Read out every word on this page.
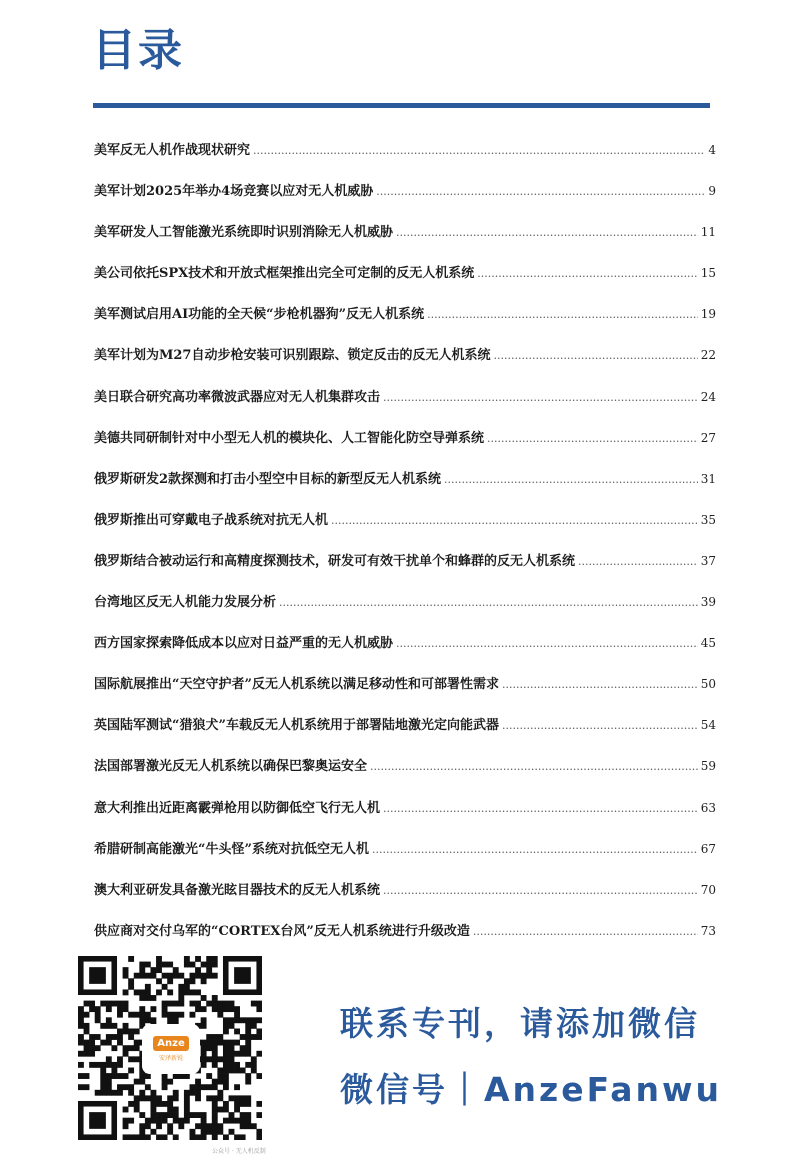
目录
美军反无人机作战现状研究 .....	4
美军计划2025年举办4场竞赛以应对无人机威胁 .....	9
美军研发人工智能激光系统即时识别消除无人机威胁 .....	11
美公司依托SPX技术和开放式框架推出完全可定制的反无人机系统 .....	15
美军测试启用AI功能的全天候“步枪机器狗”反无人机系统 .....	19
美军计划为M27自动步枪安装可识别跟踪、锁定反击的反无人机系统 .....	22
美日联合研究高功率微波武器应对无人机集群攻击 .....	24
美德共同研制针对中小型无人机的模块化、人工智能化防空导弹系统 .....	27
俄罗斯研发2款探测和打击小型空中目标的新型反无人机系统 .....	31
俄罗斯推出可穿戴电子战系统对抗无人机 .....	35
俄罗斯结合被动运行和高精度探测技术，研发可有效干扰单个和蜂群的反无人机系统 .....	37
台湾地区反无人机能力发展分析 .....	39
西方国家探索降低成本以应对日益严重的无人机威胁 .....	45
国际航展推出“天空守护者”反无人机系统以满足移动性和可部署性需求 .....	50
英国陆军测试“猎狼犬”车载反无人机系统用于部署陆地激光定向能武器 .....	54
法国部署激光反无人机系统以确保巴黎奥运安全 .....	59
意大利推出近距离霰弹枪用以防御低空飞行无人机 .....	63
希腊研制高能激光“牛头怪”系统对抗低空无人机 .....	67
澳大利亚研发具备激光眩目器技术的反无人机系统 .....	70
供应商对交付乌军的“CORTEX台风”反无人机系统进行升级改造 .....	73
Anze
安泽新锐
联系专刊，请添加微信
微信号｜AnzeFanwu
公众号 · 无人机反制
